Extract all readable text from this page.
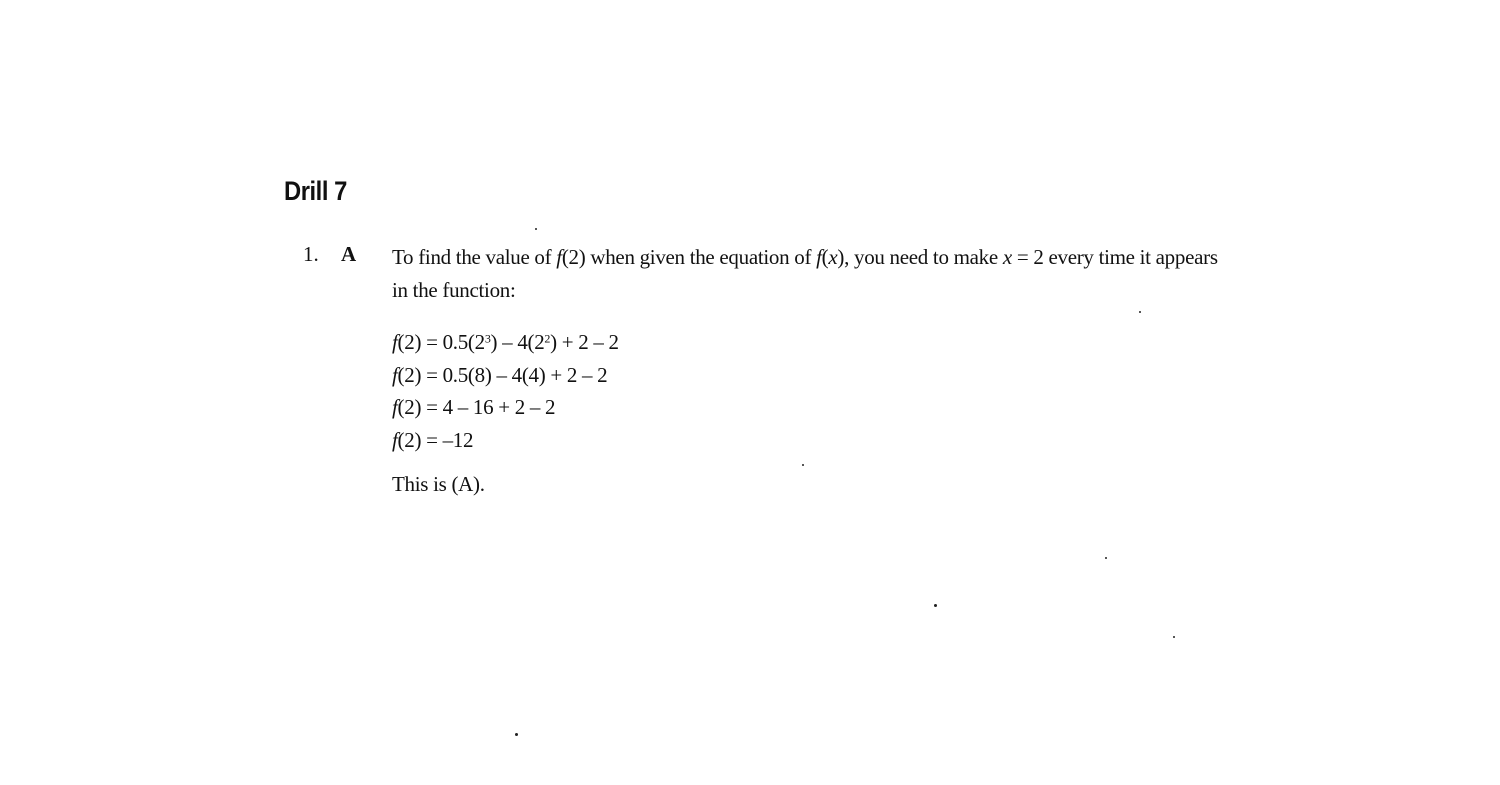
Drill 7
1. A To find the value of f(2) when given the equation of f(x), you need to make x = 2 every time it appears
in the function:
$f(2) = 0.5(2^3) - 4(2^2) + 2 - 2$
f(2) = 0.5(8) – 4(4) + 2 – 2
f(2) = 4 – 16 + 2 – 2
f(2) = –12
This is (A).
